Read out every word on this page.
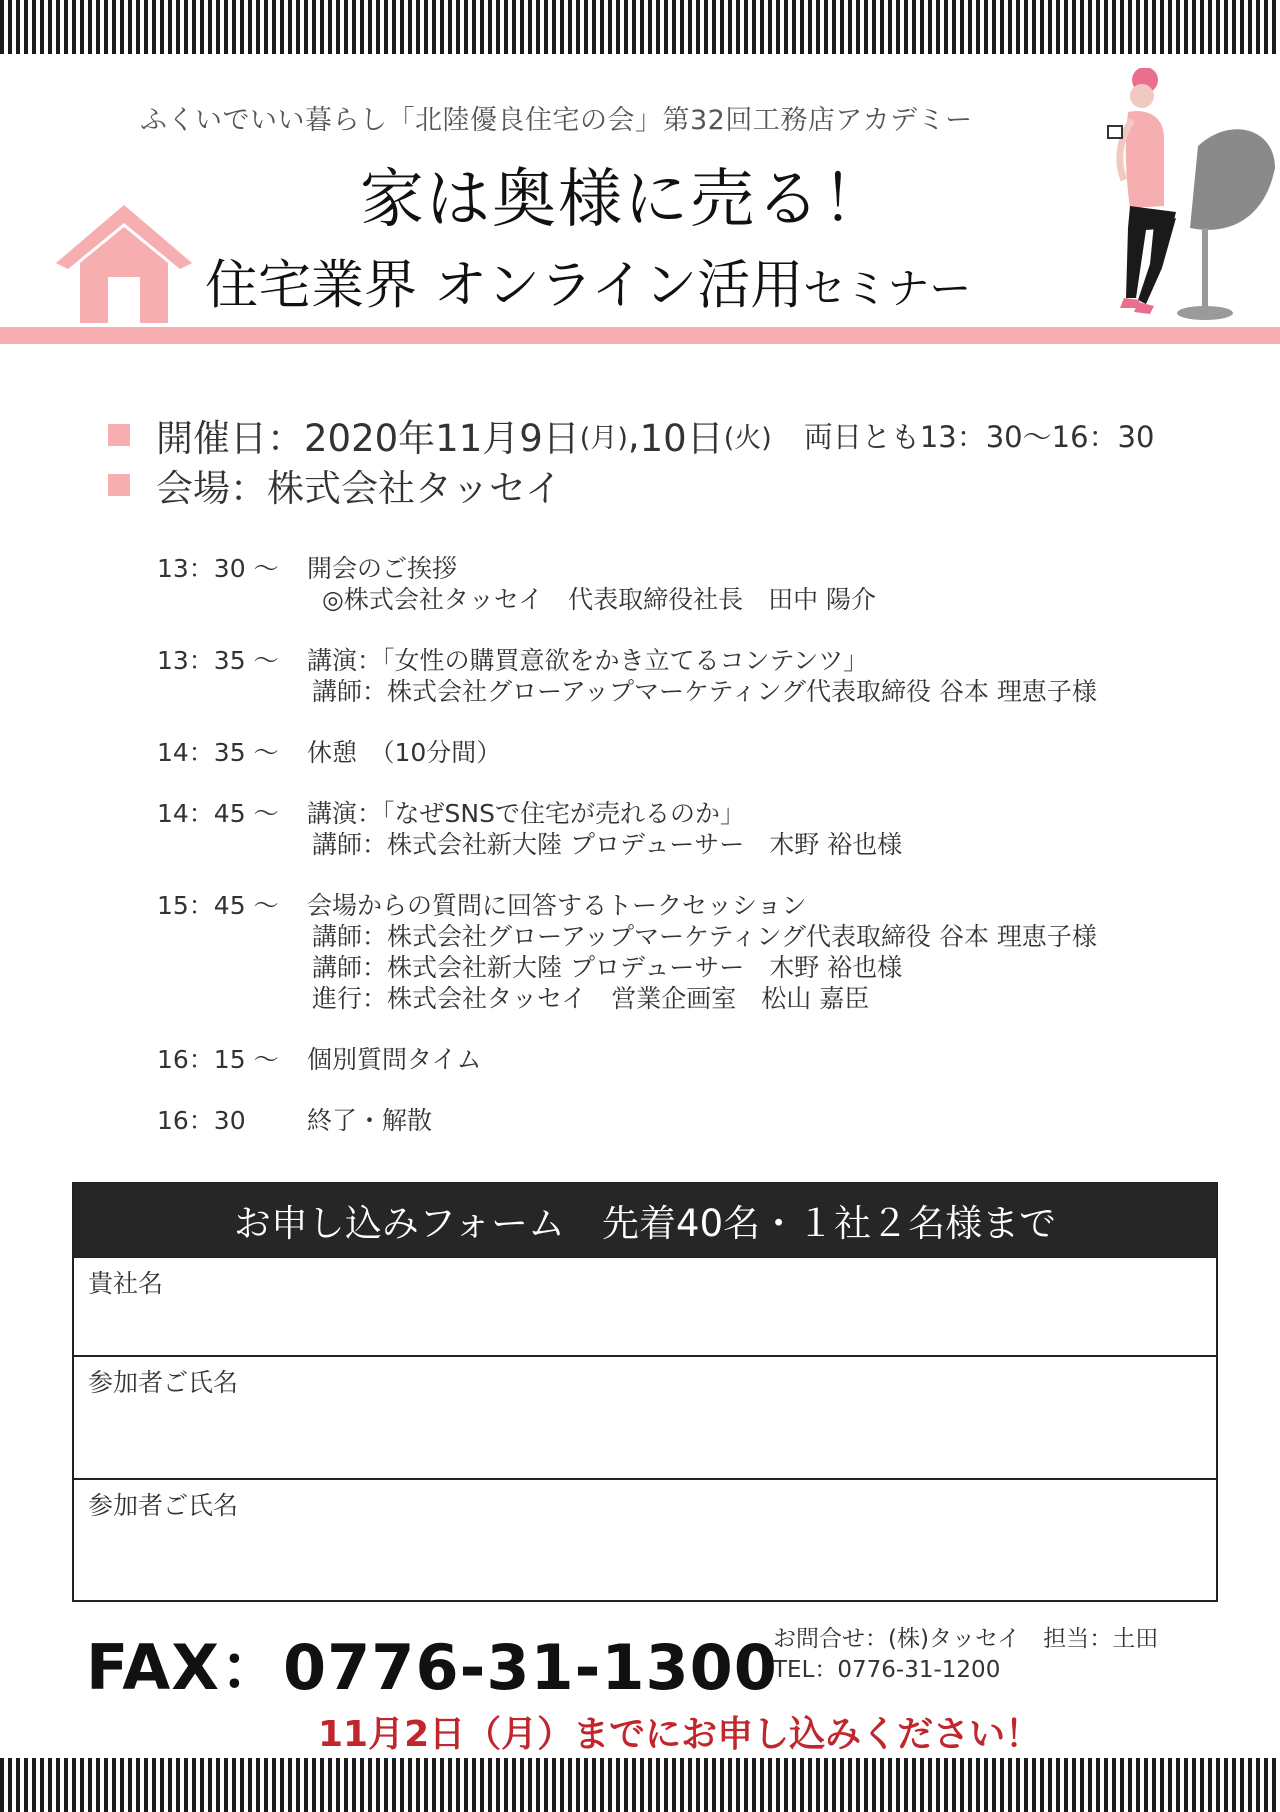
ふくいでいい暮らし「北陸優良住宅の会」第32回工務店アカデミー
家は奥様に売る！
住宅業界 オンライン活用セミナー
開催日： 2020年11月9日 (月) , 10日 (火) 両日とも13：30〜16：30
会場：株式会社タッセイ
13：30 〜	開会のご挨拶
◎株式会社タッセイ　代表取締役社長　田中 陽介
13：35 〜	講演：「女性の購買意欲をかき立てるコンテンツ」
講師：株式会社グローアップマーケティング代表取締役 谷本 理恵子様
14：35 〜	休憩　（10分間）
14：45 〜	講演：「なぜSNSで住宅が売れるのか」
講師：株式会社新大陸 プロデューサー　木野 裕也様
15：45 〜	会場からの質問に回答するトークセッション
講師：株式会社グローアップマーケティング代表取締役 谷本 理恵子様
講師：株式会社新大陸 プロデューサー　木野 裕也様
進行：株式会社タッセイ　営業企画室　松山 嘉臣
16：15 〜	個別質問タイム
16：30	終了・解散
お申し込みフォーム　先着40名・１社２名様まで
貴社名
参加者ご氏名
参加者ご氏名
FAX：0776-31-1300
お問合せ：(株)タッセイ　担当：土田
TEL：0776-31-1200
11月2日（月）までにお申し込みください！
